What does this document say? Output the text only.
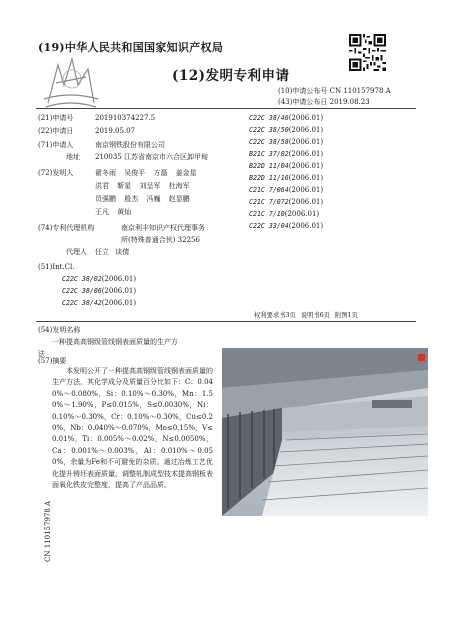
(19)中华人民共和国国家知识产权局
(12)发明专利申请
(10)申请公布号 CN 110157978 A
(43)申请公布日 2019.08.23
(21)申请号	201910374227.5
(22)申请日	2019.05.07
(71)申请人	南京钢铁股份有限公司
地址 210035 江苏省南京市六合区卸甲甸
(72)发明人	翟冬雨 吴俊平 方磊 姜金星
洪君 靳星 刘呈军 杜海军
员强鹏 殷杰 冯巍 赵显鹏
王凡 黄灿
(74)专利代理机构	南京利丰知识产权代理事务
所(特殊普通合伙) 32256
代理人 任立 谈倩
(51)Int.Cl.
C22C 38/02(2006.01)
C22C 38/06(2006.01)
C22C 38/42(2006.01)
C22C 38/46(2006.01)
C22C 38/50(2006.01)
C22C 38/58(2006.01)
B21C 37/02(2006.01)
B22D 11/04(2006.01)
B22D 11/16(2006.01)
C21C 7/064(2006.01)
C21C 7/072(2006.01)
C21C 7/10(2006.01)
C22C 33/04(2006.01)
权利要求书3页 说明书6页 附图1页
(54)发明名称
一种提高高钢级管线钢表面质量的生产方
法
(57)摘要
本发明公开了一种提高高钢级管线钢表面质量的生产方法，其化学成分及质量百分比如下：C：0.040%～0.080%，Si：0.10%～0.30%，Mn：1.50%～1.90%，P≤0.015%，S≤0.0030%，Ni：0.10%～0.30%，Cr：0.10%～0.30%，Cu≤0.20%，Nb：0.040%～0.070%，Mo≤0.15%，V≤0.01%，Ti：0.005%～0.02%，N≤0.0050%，Ca：0.001%～0.003%，Al：0.010%～0.050%，余量为Fe和不可避免的杂质。通过冶炼工艺优化提升铸坯表面质量，调整轧制成型技术提高钢板表面氧化铁皮完整度，提高了产品品质。
CN 110157978 A
